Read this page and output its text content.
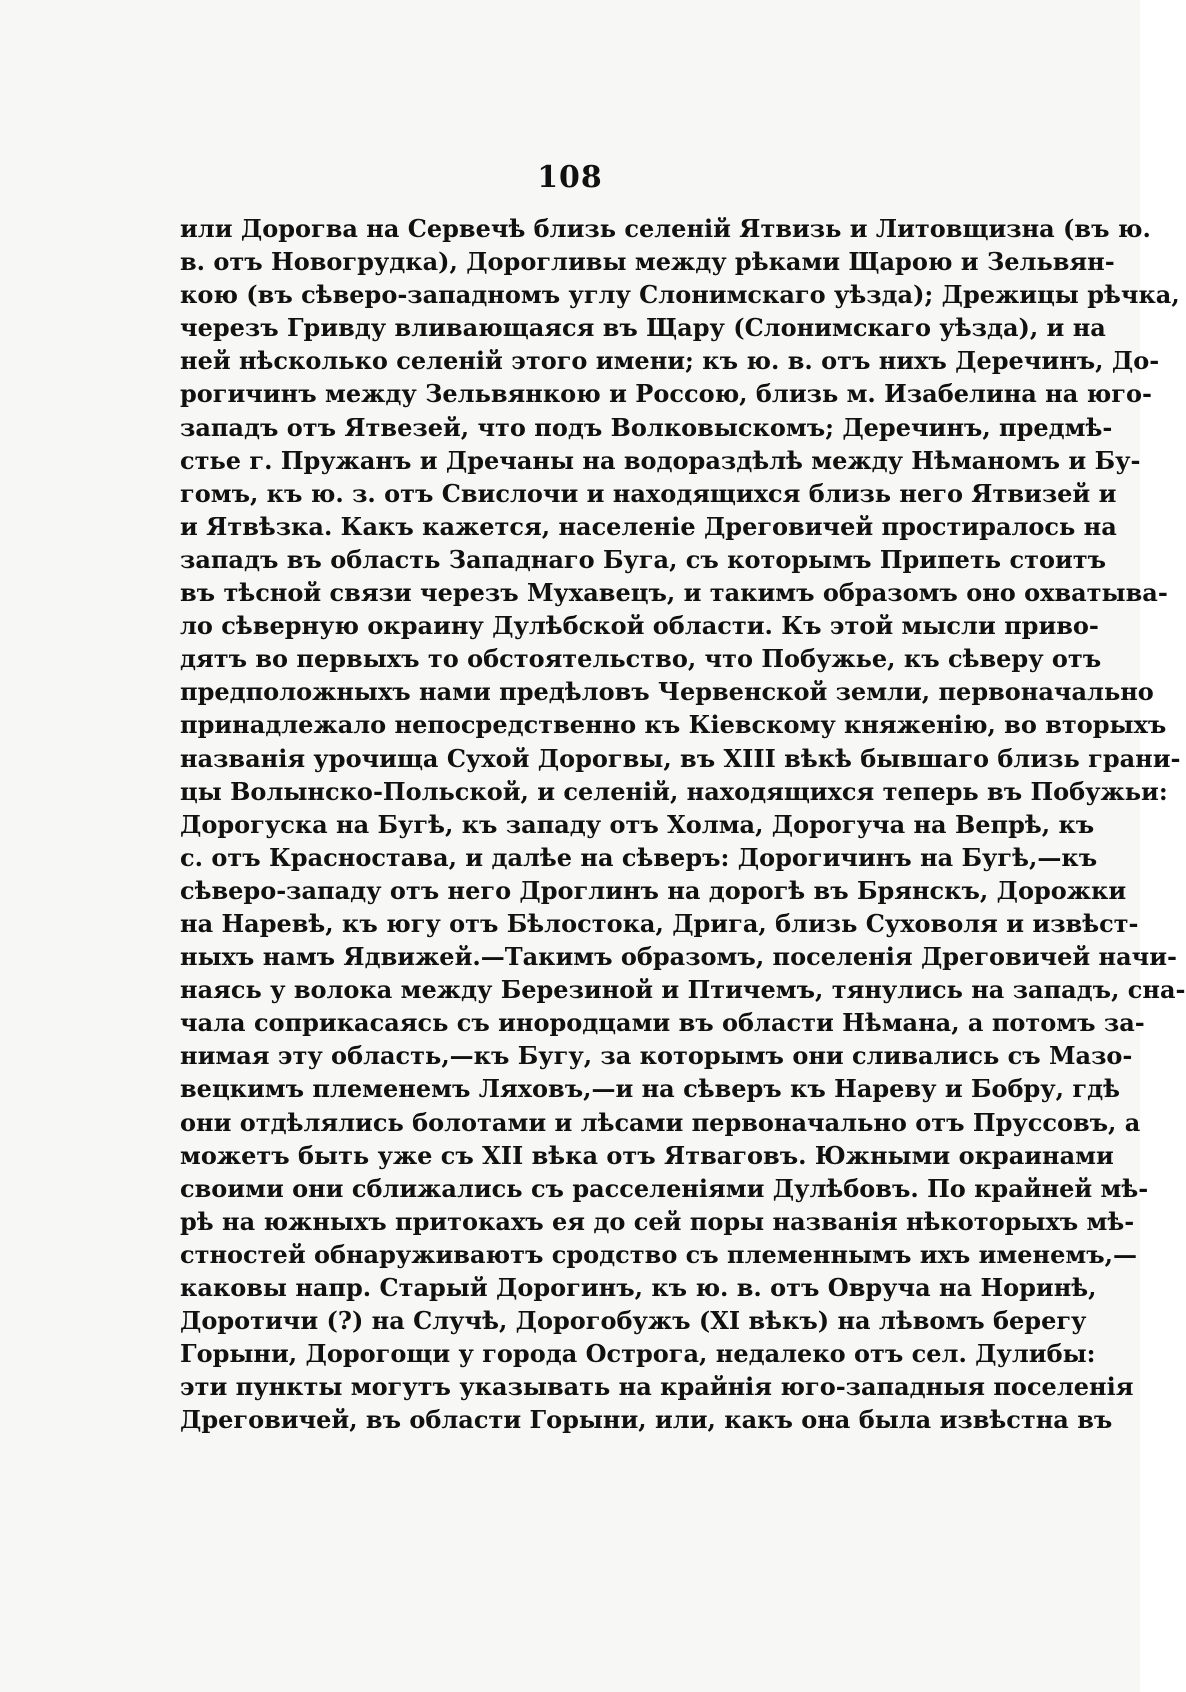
108
или Дорогва на Сервечѣ близь селеній Ятвизь и Литовщизна (въ ю.
в. отъ Новогрудка), Дорогливы между рѣками Щарою и Зельвян-
кою (въ сѣверо-западномъ углу Слонимскаго уѣзда); Дрежицы рѣчка,
черезъ Гривду вливающаяся въ Щару (Слонимскаго уѣзда), и на
ней нѣсколько селеній этого имени; къ ю. в. отъ нихъ Деречинъ, До-
рогичинъ между Зельвянкою и Россою, близь м. Изабелина на юго-
западъ отъ Ятвезей, что подъ Волковыскомъ; Деречинъ, предмѣ-
стье г. Пружанъ и Дречаны на водораздѣлѣ между Нѣманомъ и Бу-
гомъ, къ ю. з. отъ Свислочи и находящихся близь него Ятвизей и
и Ятвѣзка. Какъ кажется, населеніе Дреговичей простиралось на
западъ въ область Западнаго Буга, съ которымъ Припеть стоитъ
въ тѣсной связи черезъ Мухавецъ, и такимъ образомъ оно охватыва-
ло сѣверную окраину Дулѣбской области. Къ этой мысли приво-
дятъ во первыхъ то обстоятельство, что Побужье, къ сѣверу отъ
предположныхъ нами предѣловъ Червенской земли, первоначально
принадлежало непосредственно къ Кіевскому княженію, во вторыхъ
названія урочища Сухой Дорогвы, въ XIII вѣкѣ бывшаго близь грани-
цы Волынско-Польской, и селеній, находящихся теперь въ Побужьи:
Дорогуска на Бугѣ, къ западу отъ Холма, Дорогуча на Вепрѣ, къ
с. отъ Красностава, и далѣе на сѣверъ: Дорогичинъ на Бугѣ,—къ
сѣверо-западу отъ него Дроглинъ на дорогѣ въ Брянскъ, Дорожки
на Наревѣ, къ югу отъ Бѣлостока, Дрига, близь Суховоля и извѣст-
ныхъ намъ Ядвижей.—Такимъ образомъ, поселенія Дреговичей начи-
наясь у волока между Березиной и Птичемъ, тянулись на западъ, сна-
чала соприкасаясь съ инородцами въ области Нѣмана, а потомъ за-
нимая эту область,—къ Бугу, за которымъ они сливались съ Мазо-
вецкимъ племенемъ Ляховъ,—и на сѣверъ къ Нареву и Бобру, гдѣ
они отдѣлялись болотами и лѣсами первоначально отъ Пруссовъ, а
можетъ быть уже съ XII вѣка отъ Ятваговъ. Южными окраинами
своими они сближались съ расселеніями Дулѣбовъ. По крайней мѣ-
рѣ на южныхъ притокахъ ея до сей поры названія нѣкоторыхъ мѣ-
стностей обнаруживаютъ сродство съ племеннымъ ихъ именемъ,—
каковы напр. Старый Дорогинъ, къ ю. в. отъ Овруча на Норинѣ,
Доротичи (?) на Случѣ, Дорогобужъ (XI вѣкъ) на лѣвомъ берегу
Горыни, Дорогощи у города Острога, недалеко отъ сел. Дулибы:
эти пункты могутъ указывать на крайнія юго-западныя поселенія
Дреговичей, въ области Горыни, или, какъ она была извѣстна въ
